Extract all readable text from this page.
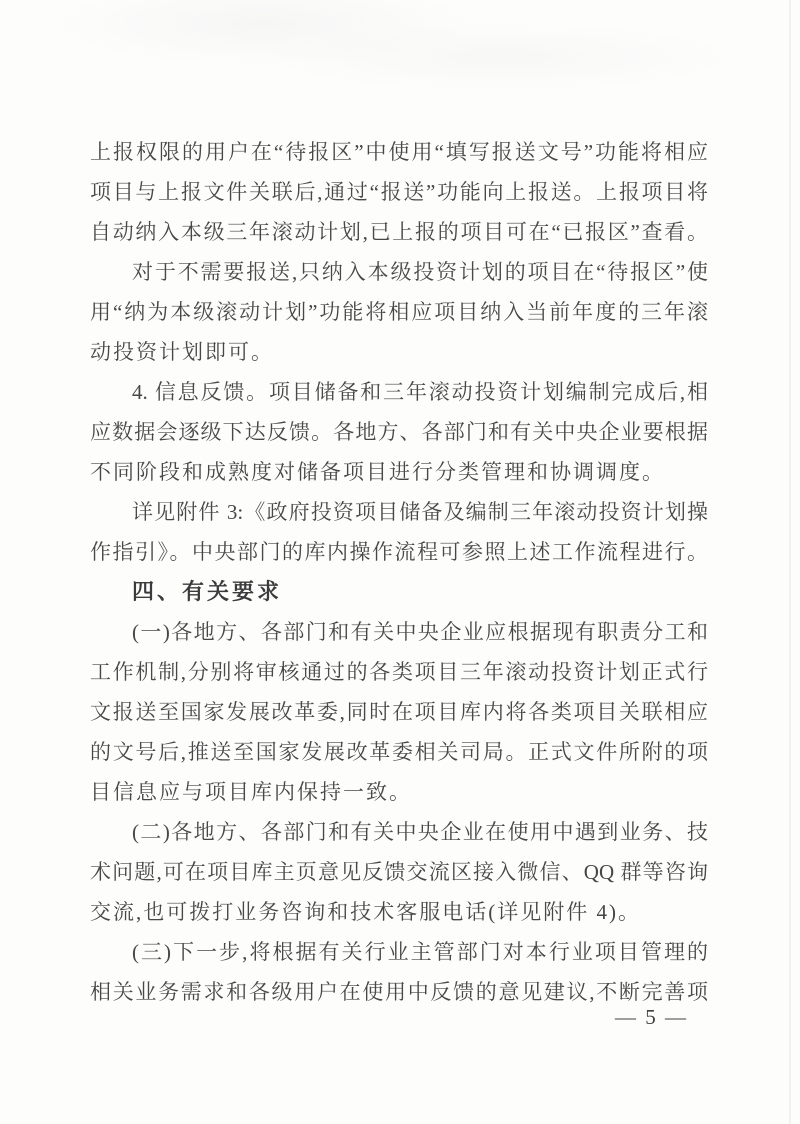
上报权限的用户在“待报区”中使用“填写报送文号”功能将相应
项目与上报文件关联后,通过“报送”功能向上报送。上报项目将
自动纳入本级三年滚动计划,已上报的项目可在“已报区”查看。
对于不需要报送,只纳入本级投资计划的项目在“待报区”使
用“纳为本级滚动计划”功能将相应项目纳入当前年度的三年滚
动投资计划即可。
4. 信息反馈。项目储备和三年滚动投资计划编制完成后,相
应数据会逐级下达反馈。各地方、各部门和有关中央企业要根据
不同阶段和成熟度对储备项目进行分类管理和协调调度。
详见附件 3:《政府投资项目储备及编制三年滚动投资计划操
作指引》。中央部门的库内操作流程可参照上述工作流程进行。
四、有关要求
(一)各地方、各部门和有关中央企业应根据现有职责分工和
工作机制,分别将审核通过的各类项目三年滚动投资计划正式行
文报送至国家发展改革委,同时在项目库内将各类项目关联相应
的文号后,推送至国家发展改革委相关司局。正式文件所附的项
目信息应与项目库内保持一致。
(二)各地方、各部门和有关中央企业在使用中遇到业务、技
术问题,可在项目库主页意见反馈交流区接入微信、QQ 群等咨询
交流,也可拨打业务咨询和技术客服电话(详见附件 4)。
(三)下一步,将根据有关行业主管部门对本行业项目管理的
相关业务需求和各级用户在使用中反馈的意见建议,不断完善项
— 5 —
